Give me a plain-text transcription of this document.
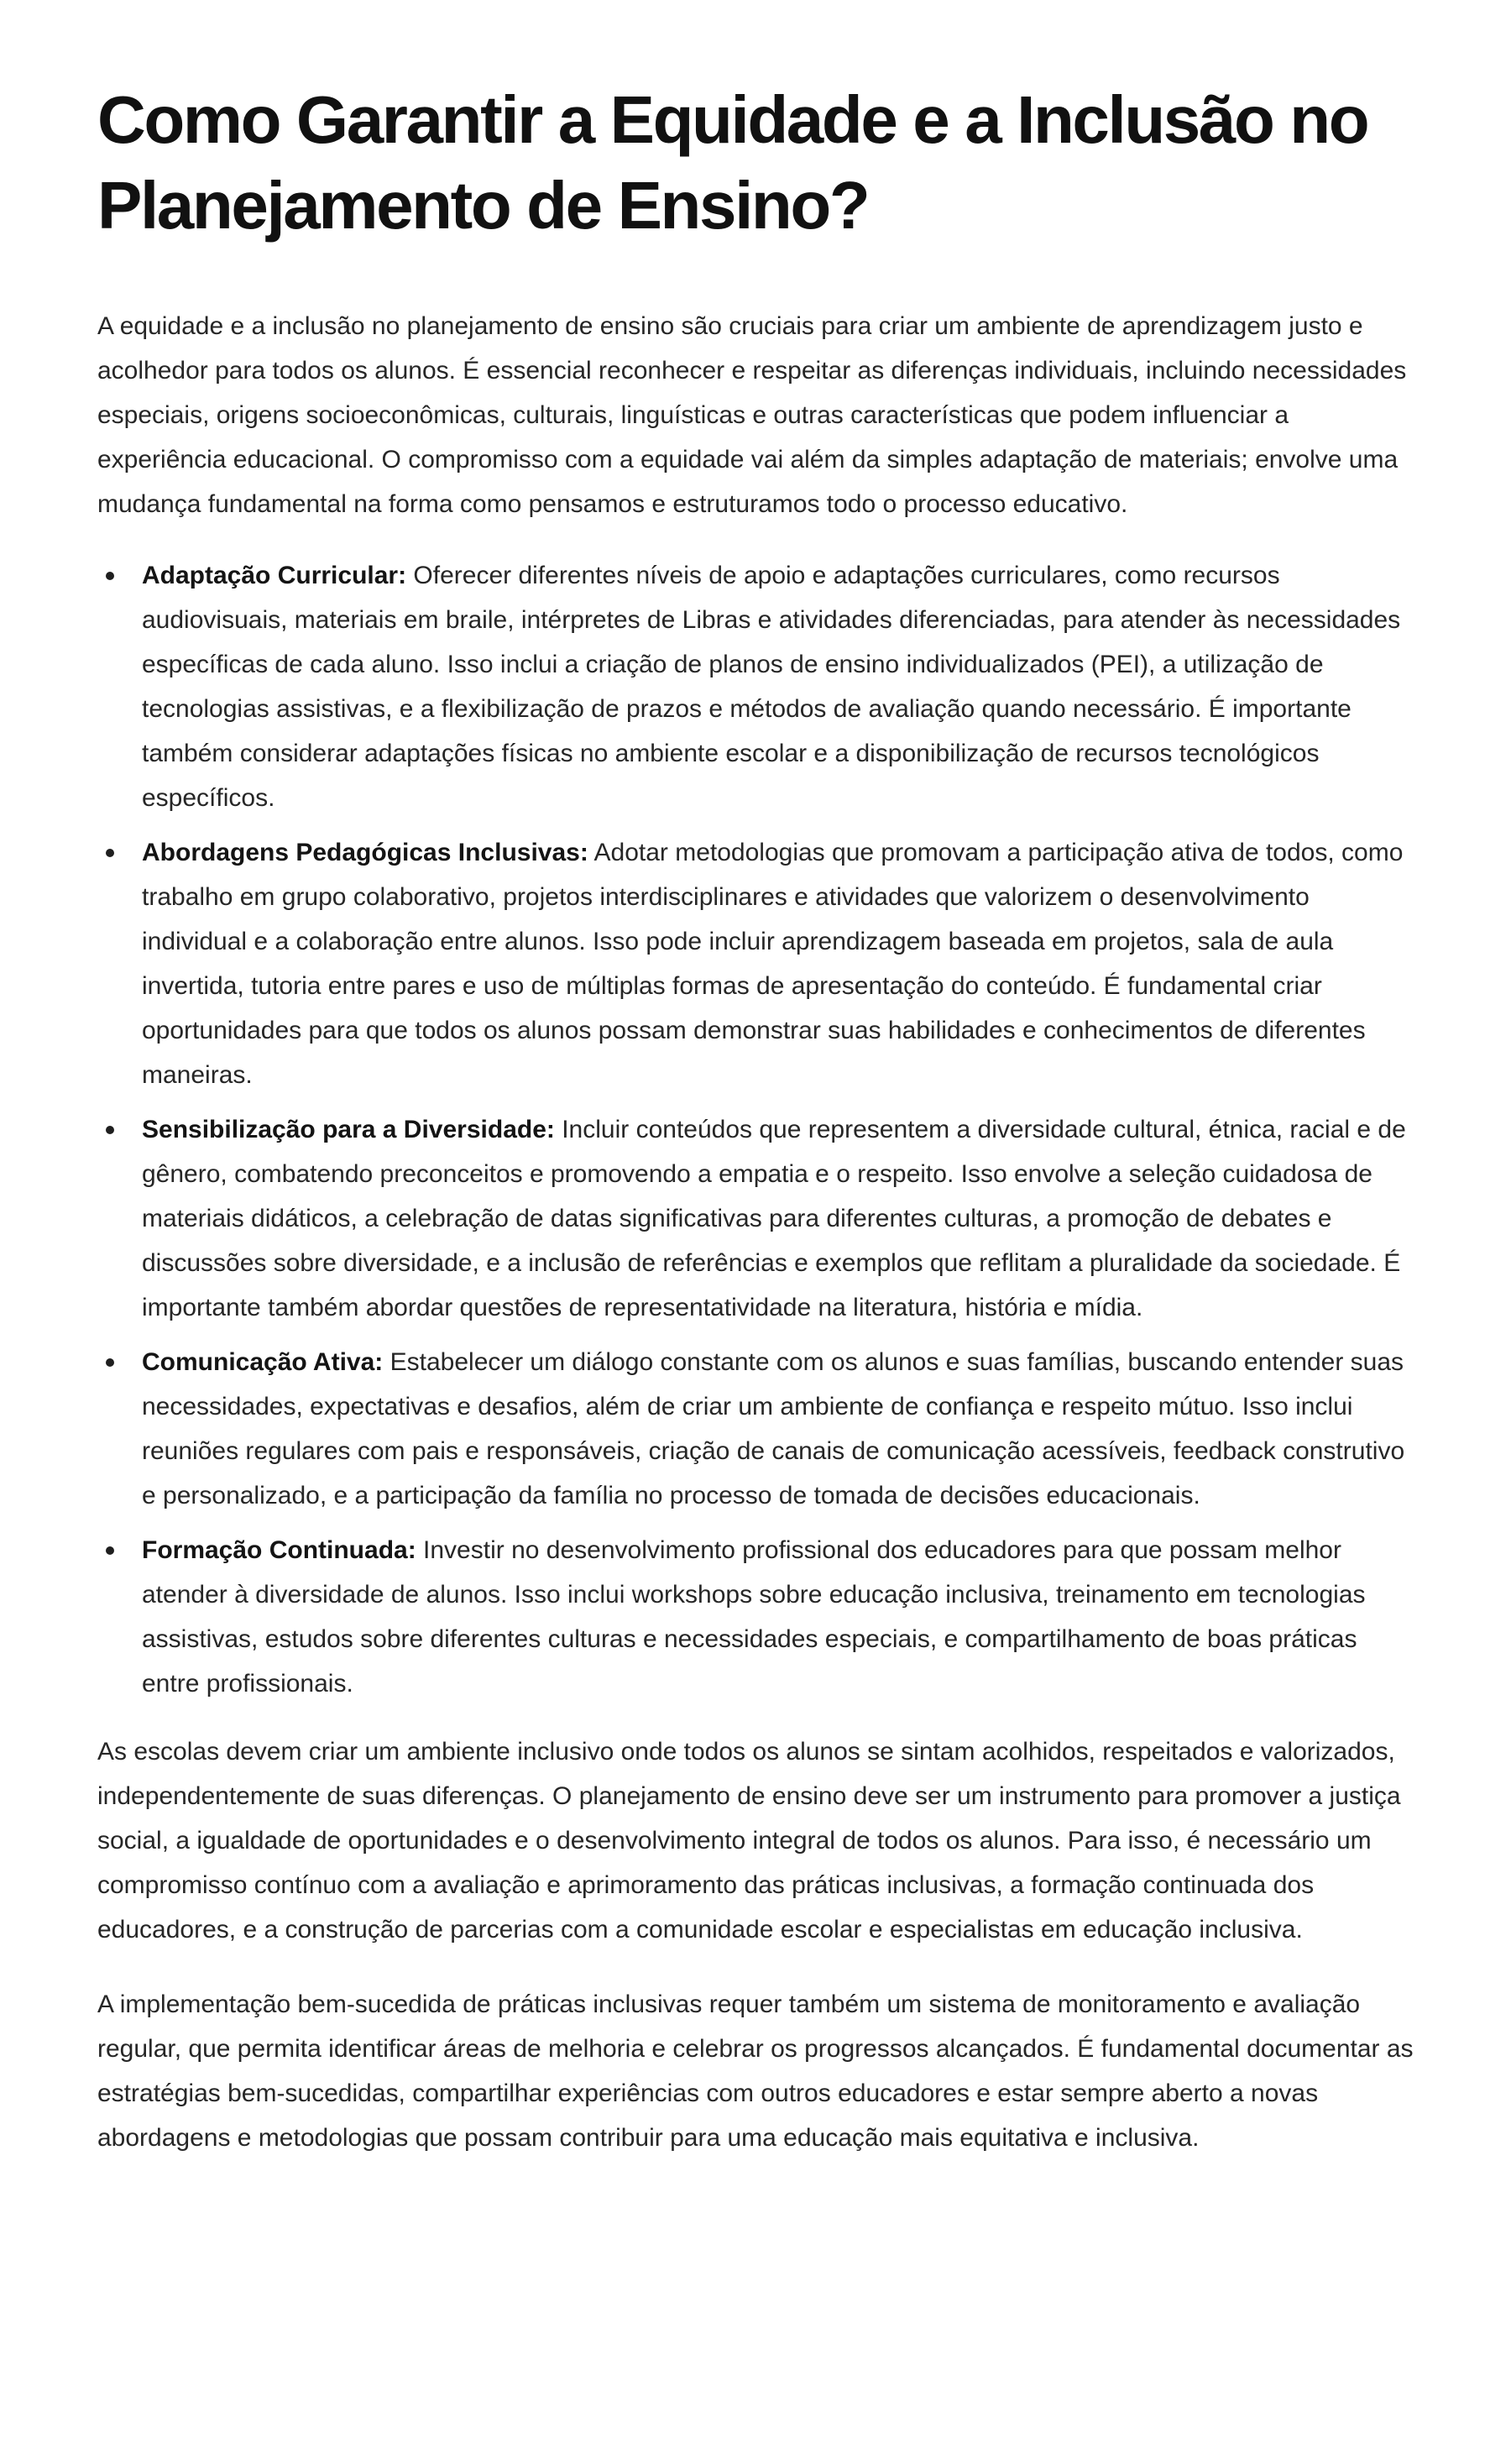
Como Garantir a Equidade e a Inclusão no Planejamento de Ensino?

A equidade e a inclusão no planejamento de ensino são cruciais para criar um ambiente de aprendizagem justo e acolhedor para todos os alunos. É essencial reconhecer e respeitar as diferenças individuais, incluindo necessidades especiais, origens socioeconômicas, culturais, linguísticas e outras características que podem influenciar a experiência educacional. O compromisso com a equidade vai além da simples adaptação de materiais; envolve uma mudança fundamental na forma como pensamos e estruturamos todo o processo educativo.

Adaptação Curricular: Oferecer diferentes níveis de apoio e adaptações curriculares, como recursos audiovisuais, materiais em braile, intérpretes de Libras e atividades diferenciadas, para atender às necessidades específicas de cada aluno. Isso inclui a criação de planos de ensino individualizados (PEI), a utilização de tecnologias assistivas, e a flexibilização de prazos e métodos de avaliação quando necessário. É importante também considerar adaptações físicas no ambiente escolar e a disponibilização de recursos tecnológicos específicos.
Abordagens Pedagógicas Inclusivas: Adotar metodologias que promovam a participação ativa de todos, como trabalho em grupo colaborativo, projetos interdisciplinares e atividades que valorizem o desenvolvimento individual e a colaboração entre alunos. Isso pode incluir aprendizagem baseada em projetos, sala de aula invertida, tutoria entre pares e uso de múltiplas formas de apresentação do conteúdo. É fundamental criar oportunidades para que todos os alunos possam demonstrar suas habilidades e conhecimentos de diferentes maneiras.
Sensibilização para a Diversidade: Incluir conteúdos que representem a diversidade cultural, étnica, racial e de gênero, combatendo preconceitos e promovendo a empatia e o respeito. Isso envolve a seleção cuidadosa de materiais didáticos, a celebração de datas significativas para diferentes culturas, a promoção de debates e discussões sobre diversidade, e a inclusão de referências e exemplos que reflitam a pluralidade da sociedade. É importante também abordar questões de representatividade na literatura, história e mídia.
Comunicação Ativa: Estabelecer um diálogo constante com os alunos e suas famílias, buscando entender suas necessidades, expectativas e desafios, além de criar um ambiente de confiança e respeito mútuo. Isso inclui reuniões regulares com pais e responsáveis, criação de canais de comunicação acessíveis, feedback construtivo e personalizado, e a participação da família no processo de tomada de decisões educacionais.
Formação Continuada: Investir no desenvolvimento profissional dos educadores para que possam melhor atender à diversidade de alunos. Isso inclui workshops sobre educação inclusiva, treinamento em tecnologias assistivas, estudos sobre diferentes culturas e necessidades especiais, e compartilhamento de boas práticas entre profissionais.

As escolas devem criar um ambiente inclusivo onde todos os alunos se sintam acolhidos, respeitados e valorizados, independentemente de suas diferenças. O planejamento de ensino deve ser um instrumento para promover a justiça social, a igualdade de oportunidades e o desenvolvimento integral de todos os alunos. Para isso, é necessário um compromisso contínuo com a avaliação e aprimoramento das práticas inclusivas, a formação continuada dos educadores, e a construção de parcerias com a comunidade escolar e especialistas em educação inclusiva.

A implementação bem-sucedida de práticas inclusivas requer também um sistema de monitoramento e avaliação regular, que permita identificar áreas de melhoria e celebrar os progressos alcançados. É fundamental documentar as estratégias bem-sucedidas, compartilhar experiências com outros educadores e estar sempre aberto a novas abordagens e metodologias que possam contribuir para uma educação mais equitativa e inclusiva.
